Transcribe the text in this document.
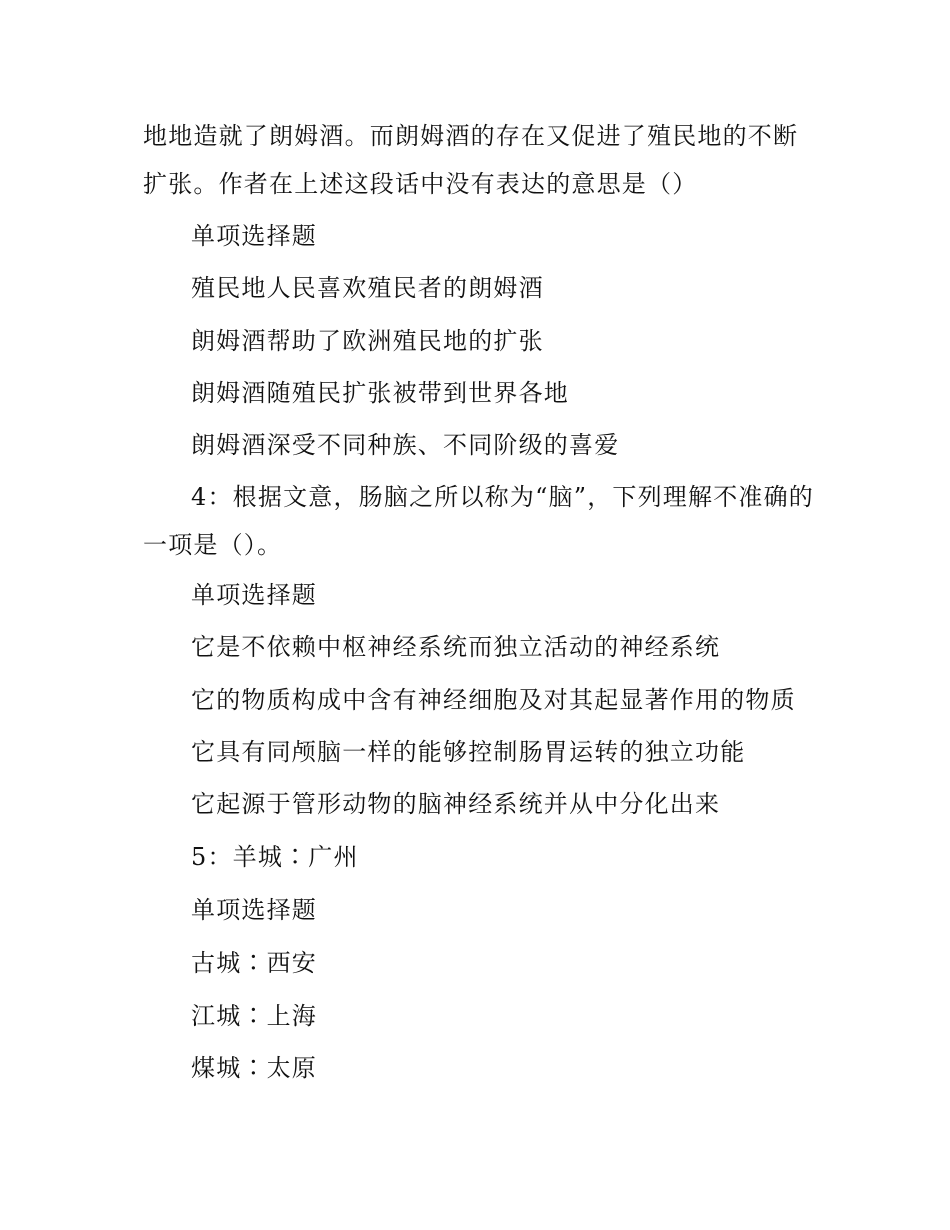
地地造就了朗姆酒。而朗姆酒的存在又促进了殖民地的不断扩张。作者在上述这段话中没有表达的意思是（）
单项选择题
殖民地人民喜欢殖民者的朗姆酒
朗姆酒帮助了欧洲殖民地的扩张
朗姆酒随殖民扩张被带到世界各地
朗姆酒深受不同种族、不同阶级的喜爱
4：根据文意，肠脑之所以称为“脑”，下列理解不准确的一项是（）。
单项选择题
它是不依赖中枢神经系统而独立活动的神经系统
它的物质构成中含有神经细胞及对其起显著作用的物质
它具有同颅脑一样的能够控制肠胃运转的独立功能
它起源于管形动物的脑神经系统并从中分化出来
5：羊城∶广州
单项选择题
古城∶西安
江城∶上海
煤城∶太原
